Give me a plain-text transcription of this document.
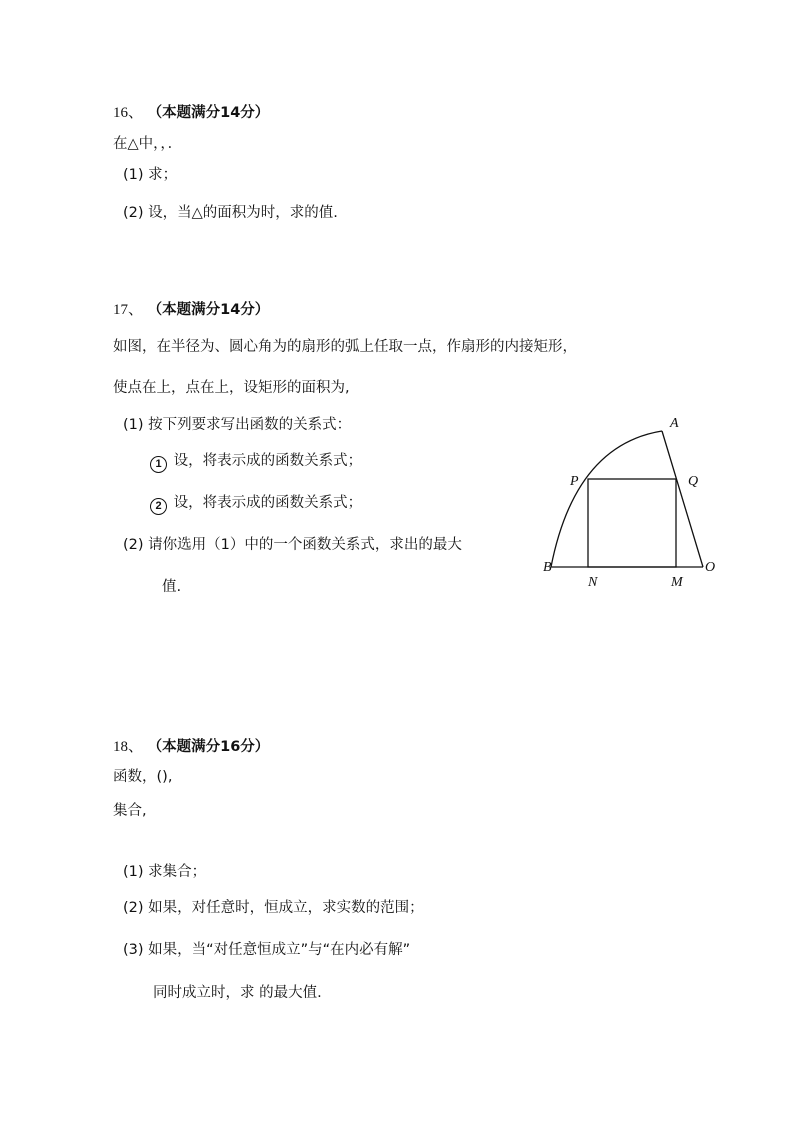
16、 （本题满分14分）
在△中，，．
(1) 求；
(2) 设，当△的面积为时，求的值.
17、 （本题满分14分）
如图，在半径为、圆心角为的扇形的弧上任取一点，作扇形的内接矩形，
使点在上，点在上，设矩形的面积为,
(1) 按下列要求写出函数的关系式：
1 设，将表示成的函数关系式；
2 设，将表示成的函数关系式；
(2) 请你选用（1）中的一个函数关系式，求出的最大
值.
A
P	Q
B
N	M
O
18、 （本题满分16分）
函数，(),
集合,
(1) 求集合；
(2) 如果，对任意时，恒成立，求实数的范围；
(3) 如果，当“对任意恒成立”与“在内必有解”
同时成立时，求 的最大值.
